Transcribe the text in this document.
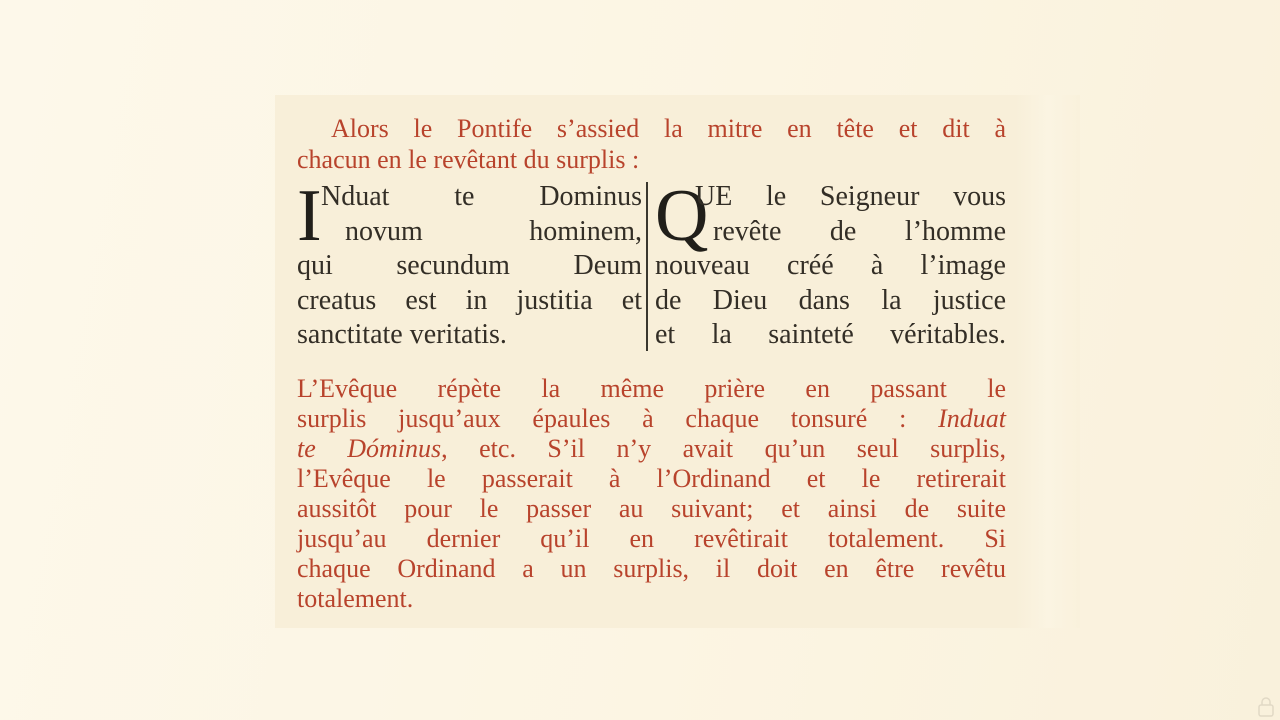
Alors le Pontife s’assied la mitre en tête et dit à
chacun en le revêtant du surplis :
I Nduat te Dominus
novum hominem,
qui secundum Deum
creatus est in justitia et
sanctitate veritatis.
Q
UE le Seigneur vous
revête de l’homme
nouveau créé à l’image
de Dieu dans la justice
et la sainteté véritables.
L’Evêque répète la même prière en passant le
surplis jusqu’aux épaules à chaque tonsuré : Induat
te Dóminus, etc. S’il n’y avait qu’un seul surplis,
l’Evêque le passerait à l’Ordinand et le retirerait
aussitôt pour le passer au suivant; et ainsi de suite
jusqu’au dernier qu’il en revêtirait totalement. Si
chaque Ordinand a un surplis, il doit en être revêtu
totalement.
